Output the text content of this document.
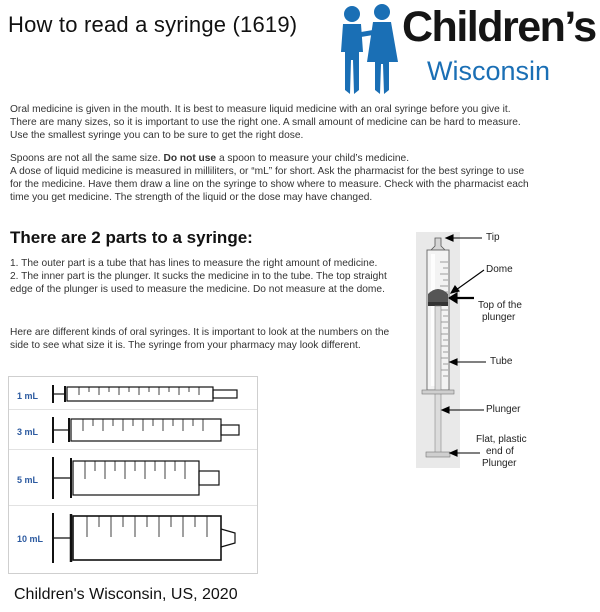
How to read a syringe (1619) Children’s
Wisconsin
Oral medicine is given in the mouth. It is best to measure liquid medicine with an oral syringe before you give it. There are many sizes, so it is important to use the right one. A small amount of medicine can be hard to measure. Use the smallest syringe you can to be sure to get the right dose.
Spoons are not all the same size. Do not use a spoon to measure your child’s medicine.
A dose of liquid medicine is measured in milliliters, or “mL” for short. Ask the pharmacist for the best syringe to use for the medicine. Have them draw a line on the syringe to show where to measure. Check with the pharmacist each time you get medicine. The strength of the liquid or the dose may have changed.
There are 2 parts to a syringe:
1. The outer part is a tube that has lines to measure the right amount of medicine.
2. The inner part is the plunger. It sucks the medicine in to the tube. The top straight edge of the plunger is used to measure the medicine. Do not measure at the dome.
Here are different kinds of oral syringes. It is important to look at the numbers on the side to see what size it is. The syringe from your pharmacy may look different.
1 mL
3 mL
5 mL
10 mL
Tip
Dome
Top of the
plunger
Tube
Plunger
Flat, plastic
end of
Plunger
Children's Wisconsin, US, 2020
